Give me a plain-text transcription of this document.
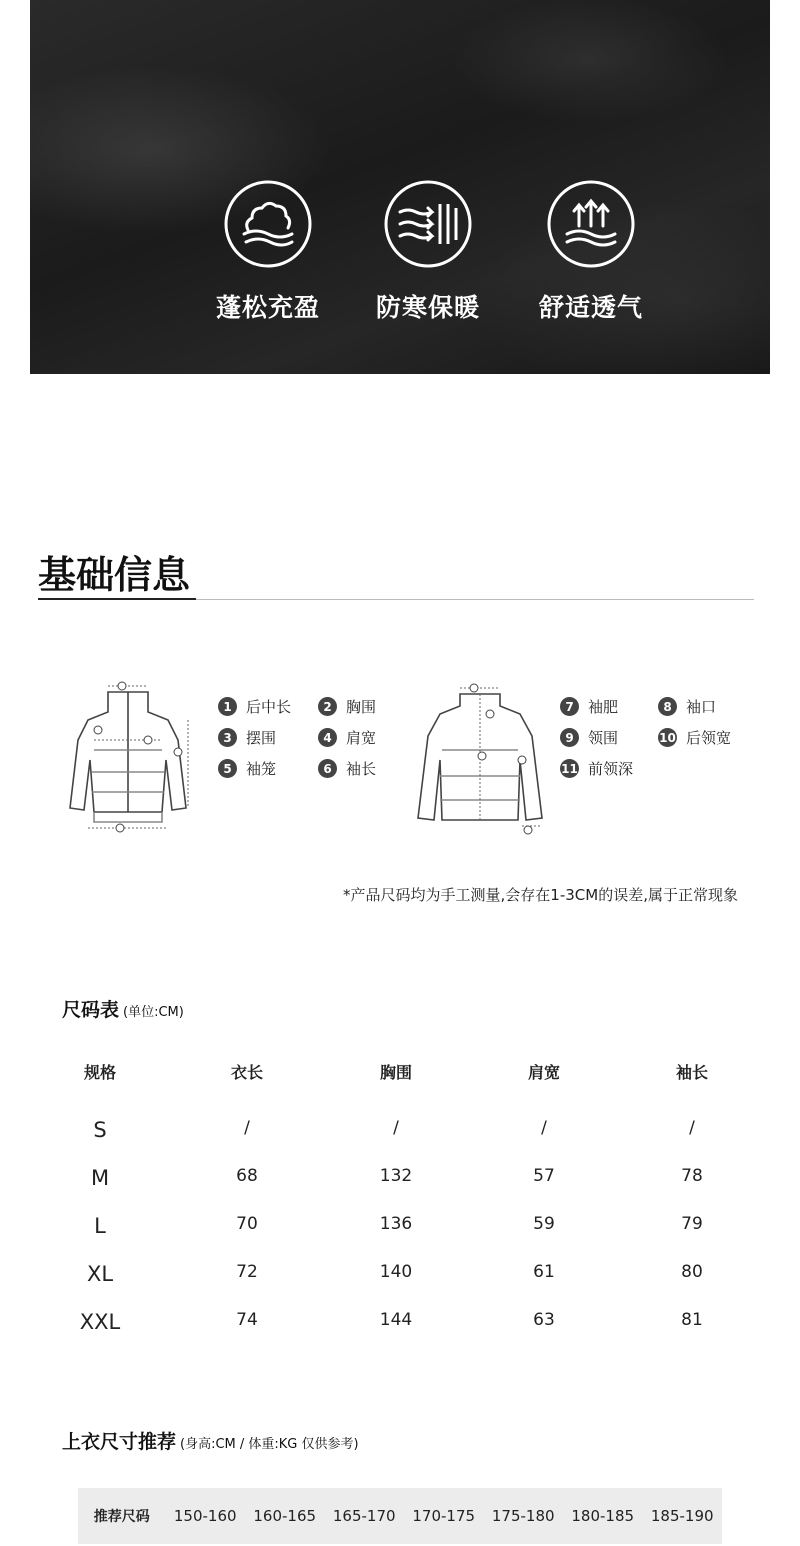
蓬松充盈	防寒保暖	舒适透气
基础信息
1 后中长	2 胸围
3 摆围	4 肩宽
5 袖笼	6 袖长
7 袖肥	8 袖口
9 领围	10 后领宽
11 前领深
*产品尺码均为手工测量,会存在1-3CM的误差,属于正常现象
尺码表 (单位:CM)
规格	衣长	胸围	肩宽	袖长
S	/	/	/	/
M	68	132	57	78
L	70	136	59	79
XL	72	140	61	80
XXL	74	144	63	81
上衣尺寸推荐 (身高:CM / 体重:KG 仅供参考)
推荐尺码	150-160	160-165	165-170	170-175	175-180	180-185	185-190
